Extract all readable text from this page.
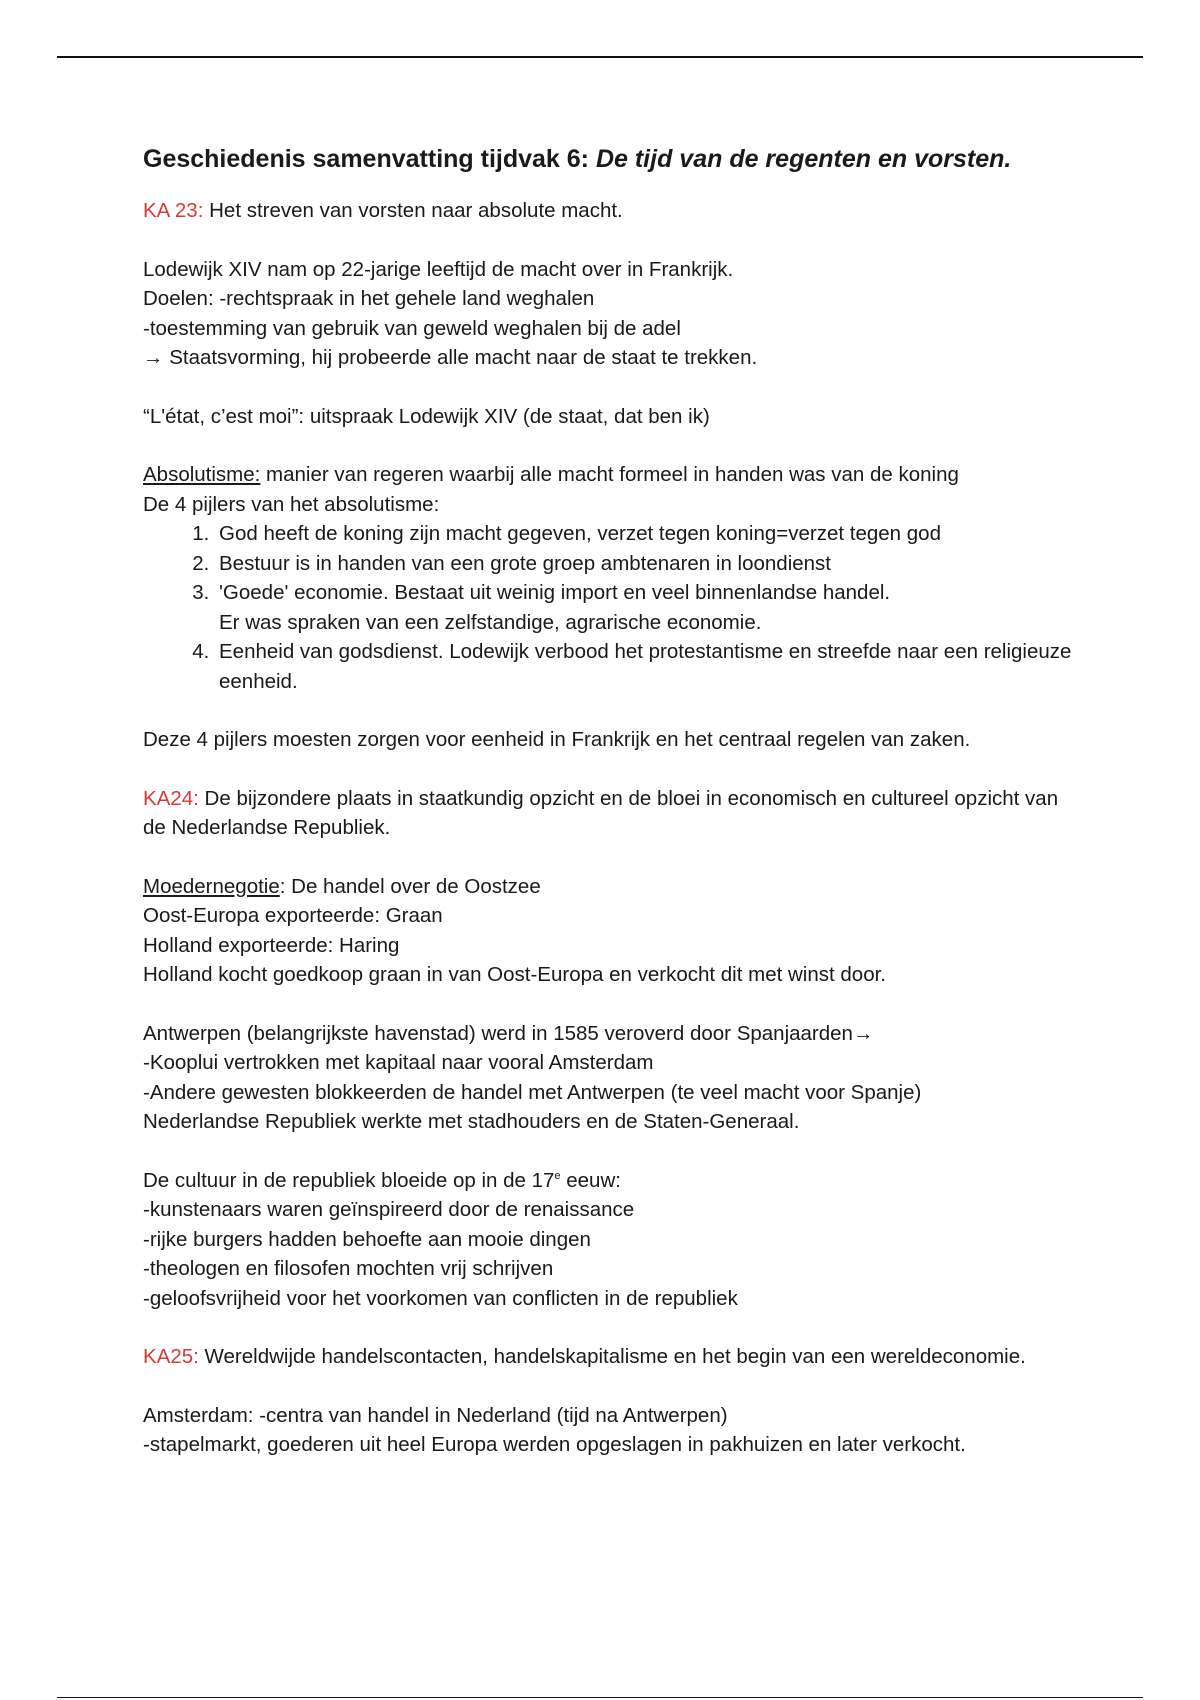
Geschiedenis samenvatting tijdvak 6: De tijd van de regenten en vorsten.

KA 23: Het streven van vorsten naar absolute macht.

Lodewijk XIV nam op 22-jarige leeftijd de macht over in Frankrijk.

Doelen: -rechtspraak in het gehele land weghalen

-toestemming van gebruik van geweld weghalen bij de adel

→ Staatsvorming, hij probeerde alle macht naar de staat te trekken.

“L'état, c’est moi”: uitspraak Lodewijk XIV (de staat, dat ben ik)

Absolutisme: manier van regeren waarbij alle macht formeel in handen was van de koning

De 4 pijlers van het absolutisme:

1. God heeft de koning zijn macht gegeven, verzet tegen koning=verzet tegen god
2. Bestuur is in handen van een grote groep ambtenaren in loondienst
3. 'Goede' economie. Bestaat uit weinig import en veel binnenlandse handel.
Er was spraken van een zelfstandige, agrarische economie.
4. Eenheid van godsdienst. Lodewijk verbood het protestantisme en streefde naar een religieuze eenheid.

Deze 4 pijlers moesten zorgen voor eenheid in Frankrijk en het centraal regelen van zaken.

KA24: De bijzondere plaats in staatkundig opzicht en de bloei in economisch en cultureel opzicht van de Nederlandse Republiek.

Moedernegotie: De handel over de Oostzee

Oost-Europa exporteerde: Graan

Holland exporteerde: Haring

Holland kocht goedkoop graan in van Oost-Europa en verkocht dit met winst door.

Antwerpen (belangrijkste havenstad) werd in 1585 veroverd door Spanjaarden→

-Kooplui vertrokken met kapitaal naar vooral Amsterdam

-Andere gewesten blokkeerden de handel met Antwerpen (te veel macht voor Spanje)

Nederlandse Republiek werkte met stadhouders en de Staten-Generaal.

De cultuur in de republiek bloeide op in de 17e eeuw:

-kunstenaars waren geïnspireerd door de renaissance

-rijke burgers hadden behoefte aan mooie dingen

-theologen en filosofen mochten vrij schrijven

-geloofsvrijheid voor het voorkomen van conflicten in de republiek

KA25: Wereldwijde handelscontacten, handelskapitalisme en het begin van een wereldeconomie.

Amsterdam: -centra van handel in Nederland (tijd na Antwerpen)

-stapelmarkt, goederen uit heel Europa werden opgeslagen in pakhuizen en later verkocht.
